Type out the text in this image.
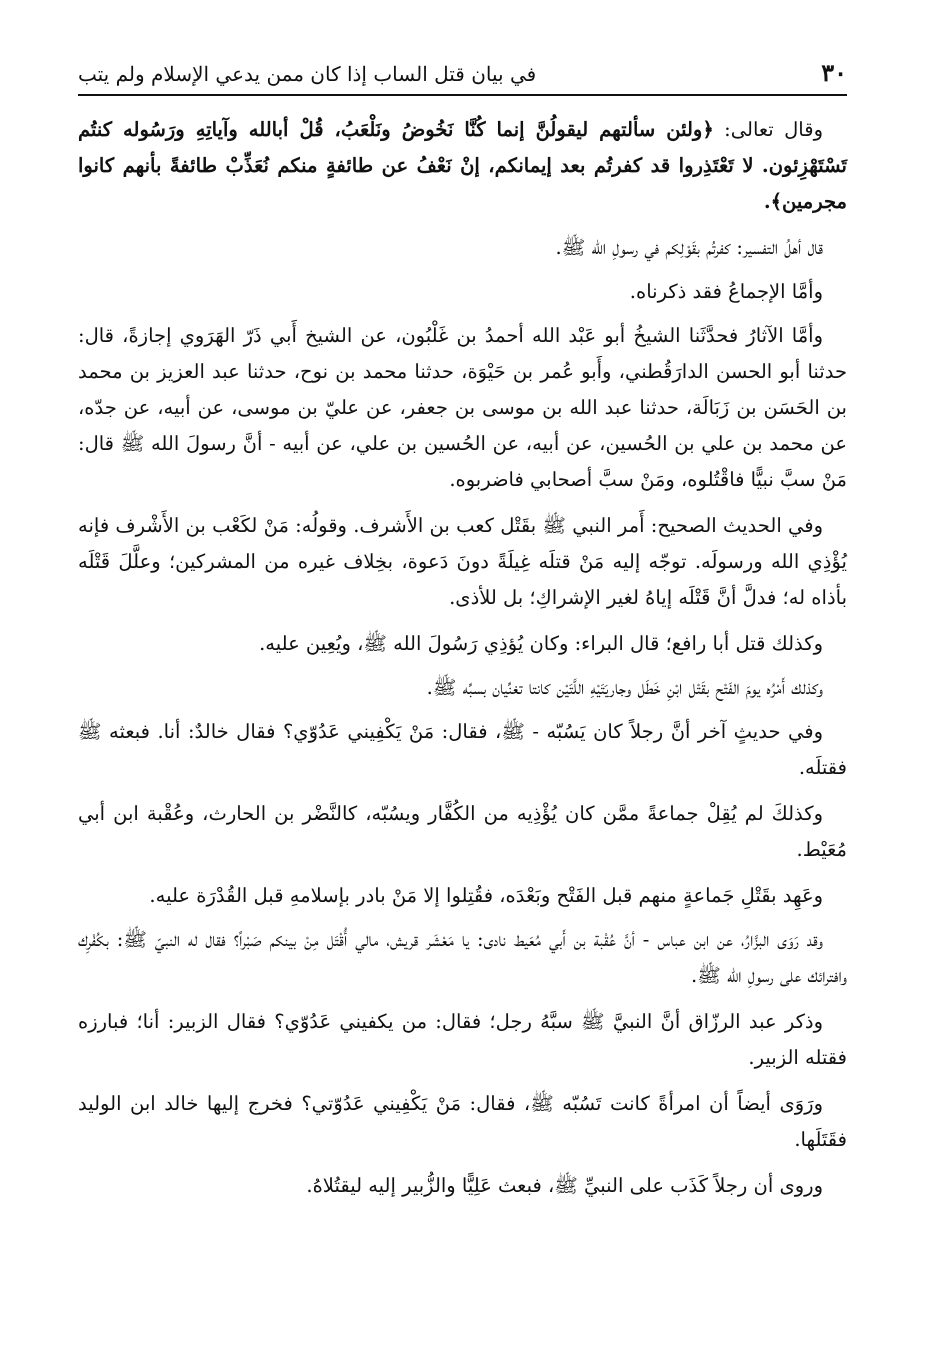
٣٠
في بيان قتل الساب إذا كان ممن يدعي الإسلام ولم يتب

وقال تعالى: ﴿ولئن سألتهم ليقولُنَّ إنما كُنَّا نَخُوضُ ونَلْعَبُ، قُلْ أبالله وآياتِهِ ورَسُوله كنتُم تَسْتَهْزِئون. لا تَعْتَذِروا قد كفرتُم بعد إيمانكم، إنْ نَعْفُ عن طائفةٍ منكم نُعَذِّبْ طائفةً بأنهم كانوا مجرمين﴾.

قال أهلُ التفسير: كفرتُم بقَوْلِكم في رسولِ الله ﷺ.

وأمَّا الإجماعُ فقد ذكرناه.

وأمَّا الآثارُ فحدَّثَنا الشيخُ أبو عَبْد الله أحمدُ بن غَلْبُون، عن الشيخ أَبي ذَرّ الهَرَوي إجازةً، قال: حدثنا أبو الحسن الدارَقُطني، وأَبو عُمر بن حَيْوَة، حدثنا محمد بن نوح، حدثنا عبد العزيز بن محمد بن الحَسَن بن زَبَالَة، حدثنا عبد الله بن موسى بن جعفر، عن عليّ بن موسى، عن أبيه، عن جدّه، عن محمد بن علي بن الحُسين، عن أبيه، عن الحُسين بن علي، عن أبيه - أنَّ رسولَ الله ﷺ قال: مَنْ سبَّ نبيًّا فاقْتُلوه، ومَنْ سبَّ أصحابي فاضربوه.

وفي الحديث الصحيح: أَمر النبي ﷺ بقَتْل كعب بن الأَشرف. وقولُه: مَنْ لكَعْب بن الأَشْرف فإنه يُؤْذِي الله ورسولَه. توجّه إليه مَنْ قتلَه غِيلَةً دونَ دَعوة، بخِلاف غيره من المشركين؛ وعلَّلَ قَتْلَه بأذاه له؛ فدلَّ أنَّ قَتْلَه إياهُ لغير الإشراكِ؛ بل للأذى.

وكذلك قتل أبا رافع؛ قال البراء: وكان يُؤذِي رَسُولَ الله ﷺ، ويُعِين عليه.

وكذلك أَمْرُه يومَ الفَتْح بقَتْل ابْنِ خَطَل وجاريَتَيْهِ اللَّتَيْن كانتا تغنِّيان بسبِّه ﷺ.

وفي حديثٍ آخر أنَّ رجلاً كان يَسُبّه - ﷺ، فقال: مَنْ يَكْفِيني عَدُوّي؟ فقال خالدٌ: أنا. فبعثه ﷺ فقتلَه.

وكذلكَ لم يُقِلْ جماعةً ممَّن كان يُؤْذِيه من الكُفَّار ويسُبّه، كالنَّضْر بن الحارث، وعُقْبة ابن أبي مُعَيْط.

وعَهِد بقَتْلِ جَماعةٍ منهم قبل الفَتْح وبَعْدَه، فقُتِلوا إلا مَنْ بادر بإسلامهِ قبل القُدْرَة عليه.

وقد رَوَى البزَّارُ، عن ابن عباس - أنَّ عُقْبة بن أَبي مُعَيط نادى: يا مَعْشَر قريش، مالي أُقْتَل مِنْ بينكم صَبْراً؟ فقال له النبيّ ﷺ: بكُفْرِك وافترائك على رسولِ الله ﷺ.

وذكر عبد الرزّاق أنَّ النبيَّ ﷺ سبَّهُ رجل؛ فقال: من يكفيني عَدُوّي؟ فقال الزبير: أنا؛ فبارزه فقتله الزبير.

ورَوَى أيضاً أن امرأةً كانت تَسُبّه ﷺ، فقال: مَنْ يَكْفِيني عَدُوّتي؟ فخرج إليها خالد ابن الوليد فقَتَلَها.

وروى أن رجلاً كَذَب على النبيِّ ﷺ، فبعث عَلِيًّا والزُّبير إليه ليقتُلاهُ.
